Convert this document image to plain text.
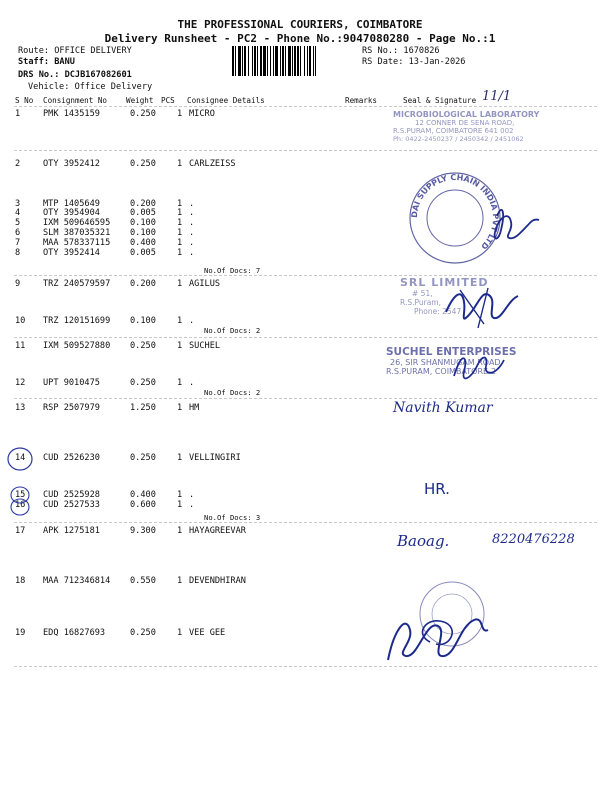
THE PROFESSIONAL COURIERS, COIMBATORE
Delivery Runsheet - PC2 - Phone No.:9047080280 - Page No.:1
Route: OFFICE DELIVERY
Staff: BANU
DRS No.: DCJB167082601
Vehicle: Office Delivery
RS No.: 1670826
RS Date: 13-Jan-2026
11/1
S No Consignment No Weight PCS Consignee Details	Remarks	Seal & Signature
1	PMK 1435159	0.250 1 MICRO
2	OTY 3952412	0.250 1 CARLZEISS
3	MTP 1405649	0.200 1 .
4	OTY 3954904	0.005 1 .
5	IXM 509646595 0.100 1 .
6	SLM 387035321 0.100 1 .
7	MAA 578337115 0.400 1 .
8	OTY 3952414	0.005 1 .
9	TRZ 240579597 0.200 1 AGILUS
10 TRZ 120151699 0.100 1 .
11 IXM 509527880 0.250 1 SUCHEL
12 UPT 9010475	0.250 1 .
13 RSP 2507979	1.250 1 HM
14 CUD 2526230	0.250 1 VELLINGIRI
15 CUD 2525928	0.400 1 .
16 CUD 2527533	0.600 1 .
17 APK 1275181	9.300 1 HAYAGREEVAR
18 MAA 712346814 0.550 1 DEVENDHIRAN
19 EDQ 16827693	0.250 1 VEE GEE
No.Of Docs: 7
No.Of Docs: 2
No.Of Docs: 2
No.Of Docs: 3
MICROBIOLOGICAL LABORATORY
12 CONNER DE SENA ROAD,
R.S.PURAM, COIMBATORE 641 002
Ph: 0422-2450237 / 2450342 / 2451062
DAI SUPPLY CHAIN INDIA PVT LTD
SRL LIMITED
# 51,
R.S.Puram,
Phone: 2547
SUCHEL ENTERPRISES
26, SIR SHANMUGAM ROAD
R.S.PURAM, COIMBATORE-2
Navith Kumar
HR.
Baoag.	8220476228
